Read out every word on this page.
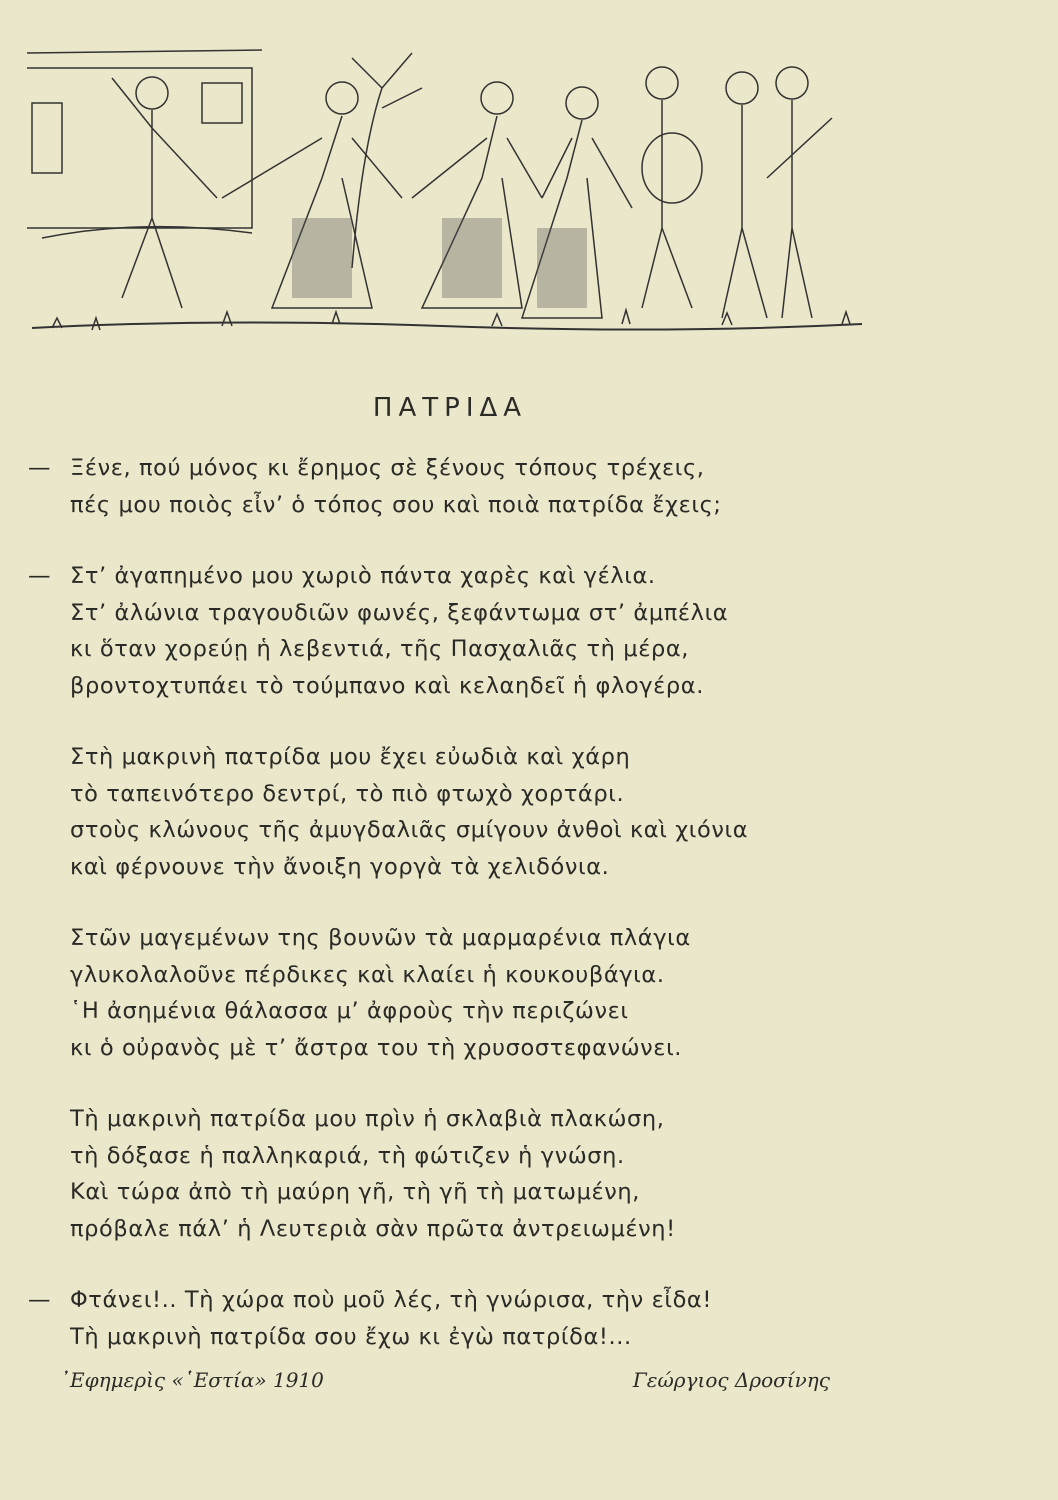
ΠΑΤΡΙΔΑ
— Ξένε, πού μόνος κι ἔρημος σὲ ξένους τόπους τρέχεις,
πές μου ποιὸς εἶν’ ὁ τόπος σου καὶ ποιὰ πατρίδα ἔχεις;
— Στ’ ἀγαπημένο μου χωριὸ πάντα χαρὲς καὶ γέλια.
Στ’ ἀλώνια τραγουδιῶν φωνές, ξεφάντωμα στ’ ἀμπέλια
κι ὅταν χορεύῃ ἡ λεβεντιά, τῆς Πασχαλιᾶς τὴ μέρα,
βροντοχτυπάει τὸ τούμπανο καὶ κελαηδεῖ ἡ φλογέρα.
Στὴ μακρινὴ πατρίδα μου ἔχει εὐωδιὰ καὶ χάρη
τὸ ταπεινότερο δεντρί, τὸ πιὸ φτωχὸ χορτάρι.
στοὺς κλώνους τῆς ἀμυγδαλιᾶς σμίγουν ἀνθοὶ καὶ χιόνια
καὶ φέρνουνε τὴν ἄνοιξη γοργὰ τὰ χελιδόνια.
Στῶν μαγεμένων της βουνῶν τὰ μαρμαρένια πλάγια
γλυκολαλοῦνε πέρδικες καὶ κλαίει ἡ κουκουβάγια.
῾Η ἀσημένια θάλασσα μ’ ἀφροὺς τὴν περιζώνει
κι ὁ οὐρανὸς μὲ τ’ ἄστρα του τὴ χρυσοστεφανώνει.
Τὴ μακρινὴ πατρίδα μου πρὶν ἡ σκλαβιὰ πλακώση,
τὴ δόξασε ἡ παλληκαριά, τὴ φώτιζεν ἡ γνώση.
Καὶ τώρα ἀπὸ τὴ μαύρη γῆ, τὴ γῆ τὴ ματωμένη,
πρόβαλε πάλ’ ἡ Λευτεριὰ σὰν πρῶτα ἀντρειωμένη!
— Φτάνει!.. Τὴ χώρα ποὺ μοῦ λές, τὴ γνώρισα, τὴν εἶδα!
Τὴ μακρινὴ πατρίδα σου ἔχω κι ἐγὼ πατρίδα!...
᾿Εφημερὶς «῾Εστία» 1910	Γεώργιος Δροσίνης
